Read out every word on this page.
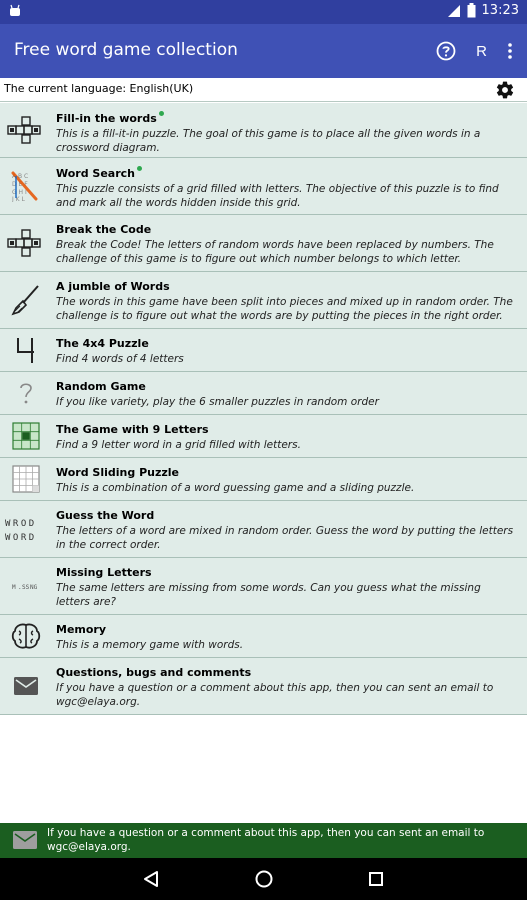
13:23
Free word game collection	R
The current language: English(UK)
Fill-in the words
This is a fill-it-in puzzle. The goal of this game is to place all the given words in a crossword diagram.
A B C
D E F
G H I
J K L
Word Search
This puzzle consists of a grid filled with letters. The objective of this puzzle is to find and mark all the words hidden inside this grid.
Break the Code
Break the Code! The letters of random words have been replaced by numbers. The challenge of this game is to figure out which number belongs to which letter.
A jumble of Words
The words in this game have been split into pieces and mixed up in random order. The challenge is to figure out what the words are by putting the pieces in the right order.
The 4x4 Puzzle
Find 4 words of 4 letters
Random Game
If you like variety, play the 6 smaller puzzles in random order
The Game with 9 Letters
Find a 9 letter word in a grid filled with letters.
Word Sliding Puzzle
This is a combination of a word guessing game and a sliding puzzle.
WROD
WORD
Guess the Word
The letters of a word are mixed in random order. Guess the word by putting the letters in the correct order.
M . SS NG
Missing Letters
The same letters are missing from some words. Can you guess what the missing letters are?
Memory
This is a memory game with words.
Questions, bugs and comments
If you have a question or a comment about this app, then you can sent an email to wgc@elaya.org.
If you have a question or a comment about this app, then you can sent an email to wgc@elaya.org.
